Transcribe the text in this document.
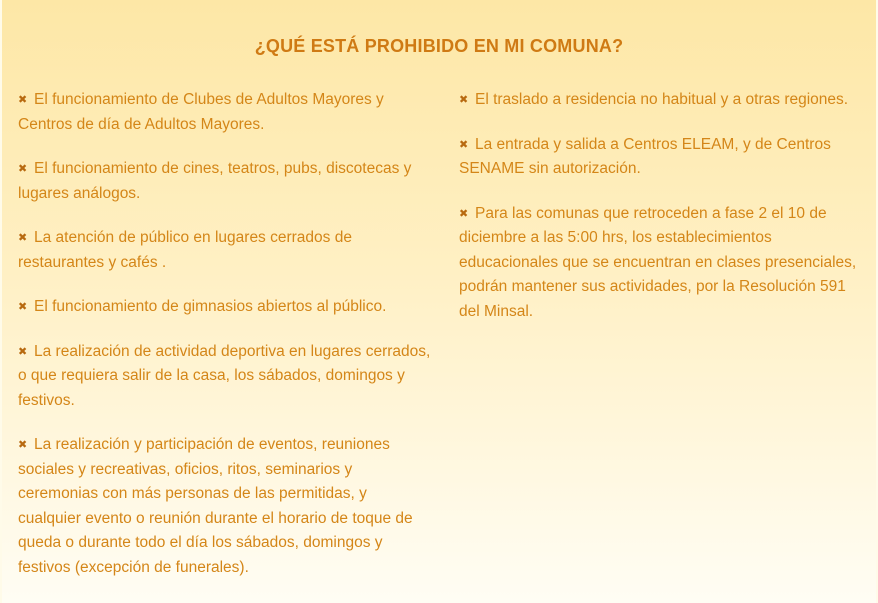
¿QUÉ ESTÁ PROHIBIDO EN MI COMUNA?

✖ El funcionamiento de Clubes de Adultos Mayores y Centros de día de Adultos Mayores.

✖ El funcionamiento de cines, teatros, pubs, discotecas y lugares análogos.

✖ La atención de público en lugares cerrados de restaurantes y cafés .

✖ El funcionamiento de gimnasios abiertos al público.

✖ La realización de actividad deportiva en lugares cerrados, o que requiera salir de la casa, los sábados, domingos y festivos.

✖ La realización y participación de eventos, reuniones sociales y recreativas, oficios, ritos, seminarios y ceremonias con más personas de las permitidas, y cualquier evento o reunión durante el horario de toque de queda o durante todo el día los sábados, domingos y festivos (excepción de funerales).

✖ El traslado a residencia no habitual y a otras regiones.

✖ La entrada y salida a Centros ELEAM, y de Centros SENAME sin autorización.

✖ Para las comunas que retroceden a fase 2 el 10 de diciembre a las 5:00 hrs, los establecimientos educacionales que se encuentran en clases presenciales, podrán mantener sus actividades, por la Resolución 591 del Minsal.
